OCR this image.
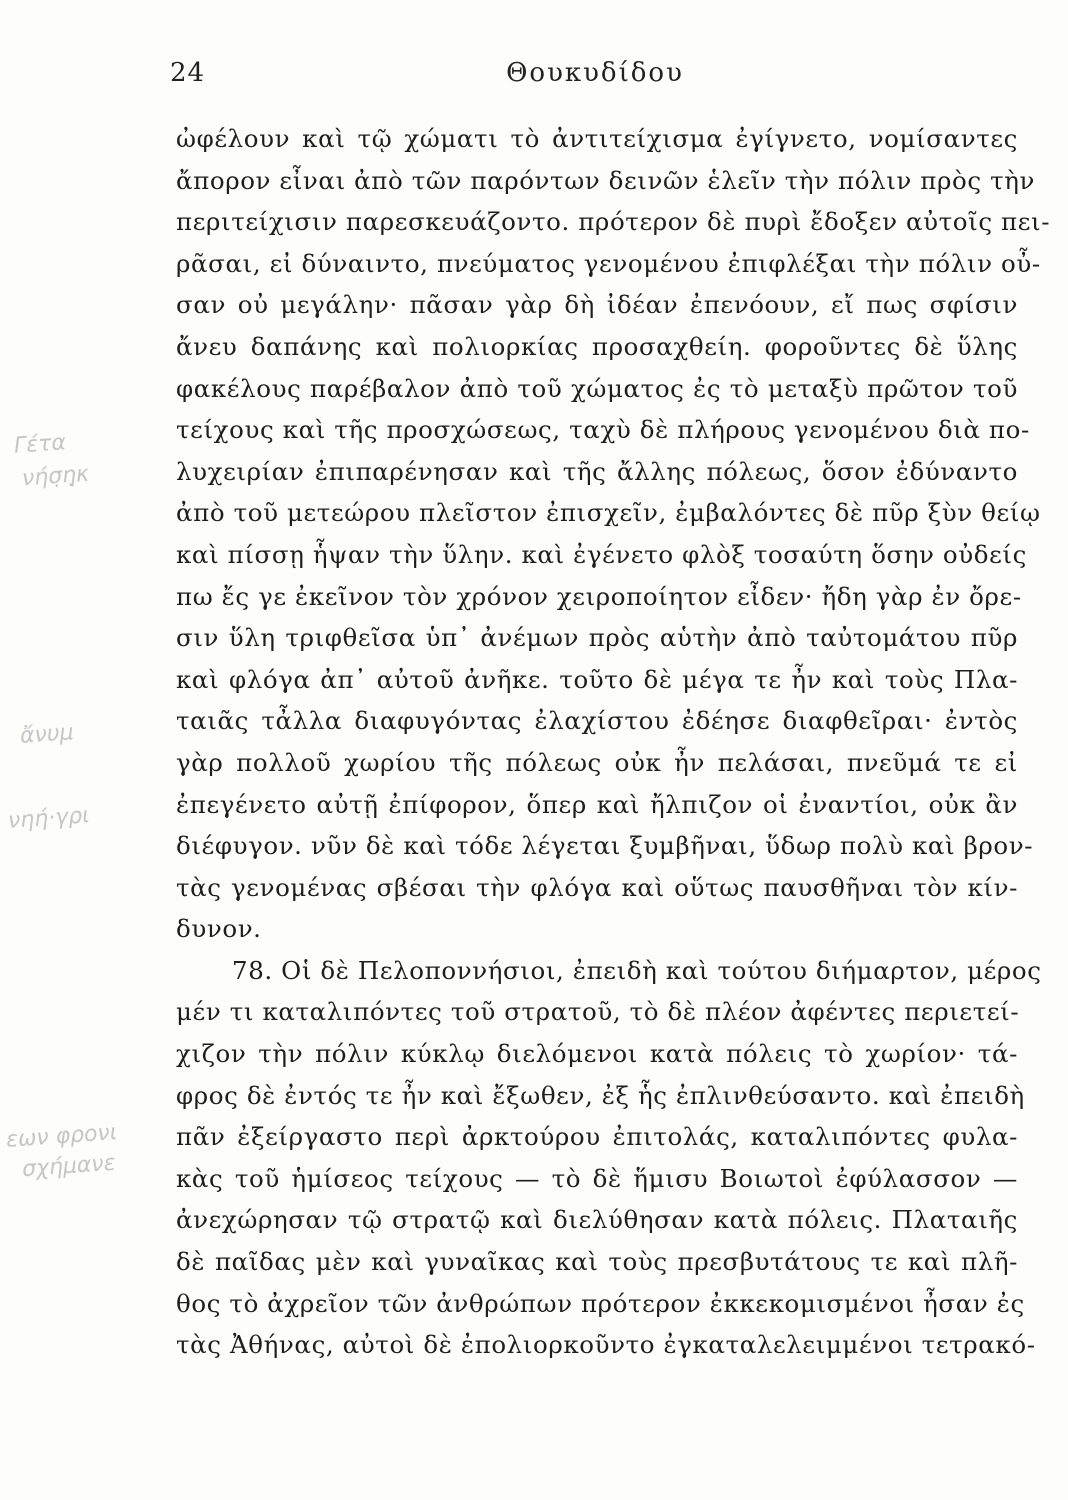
24	Θουκυδίδου
ὠφέλουν καὶ τῷ χώματι τὸ ἀντιτείχισμα ἐγίγνετο, νομίσαντες
ἄπορον εἶναι ἀπὸ τῶν παρόντων δεινῶν ἑλεῖν τὴν πόλιν πρὸς τὴν
περιτείχισιν παρεσκευάζοντο. πρότερον δὲ πυρὶ ἔδοξεν αὐτοῖς πει-
ρᾶσαι, εἰ δύναιντο, πνεύματος γενομένου ἐπιφλέξαι τὴν πόλιν οὖ-
σαν οὐ μεγάλην· πᾶσαν γὰρ δὴ ἰδέαν ἐπενόουν, εἴ πως σφίσιν
ἄνευ δαπάνης καὶ πολιορκίας προσαχθείη. φοροῦντες δὲ ὕλης
φακέλους παρέβαλον ἀπὸ τοῦ χώματος ἐς τὸ μεταξὺ πρῶτον τοῦ
τείχους καὶ τῆς προσχώσεως, ταχὺ δὲ πλήρους γενομένου διὰ πο-
λυχειρίαν ἐπιπαρένησαν καὶ τῆς ἄλλης πόλεως, ὅσον ἐδύναντο
ἀπὸ τοῦ μετεώρου πλεῖστον ἐπισχεῖν, ἐμβαλόντες δὲ πῦρ ξὺν θείῳ
καὶ πίσσῃ ἧψαν τὴν ὕλην. καὶ ἐγένετο φλὸξ τοσαύτη ὅσην οὐδείς
πω ἔς γε ἐκεῖνον τὸν χρόνον χειροποίητον εἶδεν· ἤδη γὰρ ἐν ὄρε-
σιν ὕλη τριφθεῖσα ὑπ᾽ ἀνέμων πρὸς αὑτὴν ἀπὸ ταὐτομάτου πῦρ
καὶ φλόγα ἀπ᾽ αὐτοῦ ἀνῆκε. τοῦτο δὲ μέγα τε ἦν καὶ τοὺς Πλα-
ταιᾶς τἆλλα διαφυγόντας ἐλαχίστου ἐδέησε διαφθεῖραι· ἐντὸς
γὰρ πολλοῦ χωρίου τῆς πόλεως οὐκ ἦν πελάσαι, πνεῦμά τε εἰ
ἐπεγένετο αὐτῇ ἐπίφορον, ὅπερ καὶ ἤλπιζον οἱ ἐναντίοι, οὐκ ἂν
διέφυγον. νῦν δὲ καὶ τόδε λέγεται ξυμβῆναι, ὕδωρ πολὺ καὶ βρον-
τὰς γενομένας σβέσαι τὴν φλόγα καὶ οὕτως παυσθῆναι τὸν κίν-
δυνον.
78. Οἱ δὲ Πελοποννήσιοι, ἐπειδὴ καὶ τούτου διήμαρτον, μέρος
μέν τι καταλιπόντες τοῦ στρατοῦ, τὸ δὲ πλέον ἀφέντες περιετεί-
χιζον τὴν πόλιν κύκλῳ διελόμενοι κατὰ πόλεις τὸ χωρίον· τά-
φρος δὲ ἐντός τε ἦν καὶ ἔξωθεν, ἐξ ἧς ἐπλινθεύσαντο. καὶ ἐπειδὴ
πᾶν ἐξείργαστο περὶ ἀρκτούρου ἐπιτολάς, καταλιπόντες φυλα-
κὰς τοῦ ἡμίσεος τείχους — τὸ δὲ ἥμισυ Βοιωτοὶ ἐφύλασσον —
ἀνεχώρησαν τῷ στρατῷ καὶ διελύθησαν κατὰ πόλεις. Πλαταιῆς
δὲ παῖδας μὲν καὶ γυναῖκας καὶ τοὺς πρεσβυτάτους τε καὶ πλῆ-
θος τὸ ἀχρεῖον τῶν ἀνθρώπων πρότερον ἐκκεκομισμένοι ἦσαν ἐς
τὰς Ἀθήνας, αὐτοὶ δὲ ἐπολιορκοῦντο ἐγκαταλελειμμένοι τετρακό-
Γέτα
νήσ̣η̣κ
ἄνυμ
νηή·γρι
εων φρονι
σχήμανε
